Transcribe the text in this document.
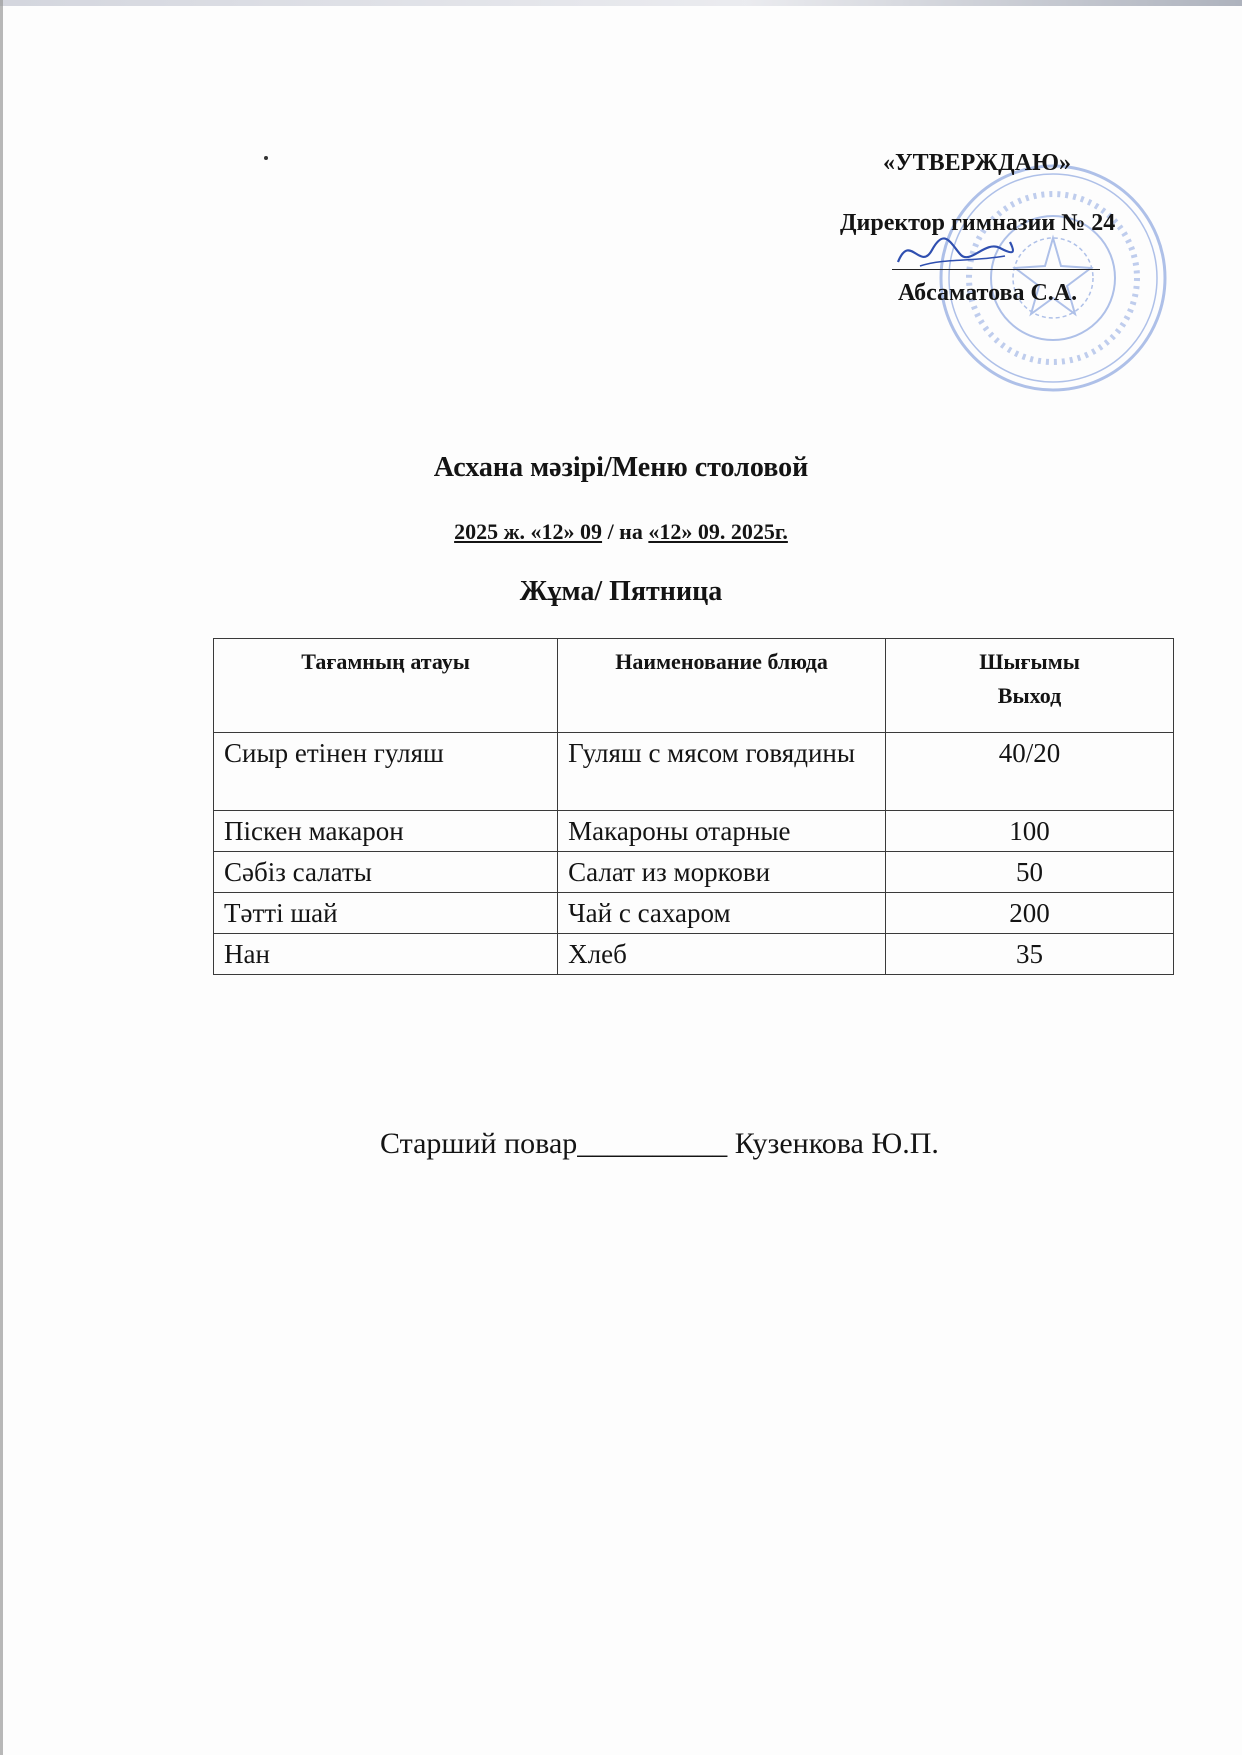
«УТВЕРЖДАЮ»
Директор гимназии № 24
Абсаматова С.А.
Асхана мәзірі/Меню столовой
2025 ж. «12» 09 / на «12» 09. 2025г.
Жұма/ Пятница
Тағамның атауы	Наименование блюда	Шығымы
Выход
Сиыр етінен гуляш	Гуляш с мясом говядины	40/20
Піскен макарон	Макароны отарные	100
Сәбіз салаты	Салат из моркови	50
Тәтті шай	Чай с сахаром	200
Нан	Хлеб	35
Старший повар__________ Кузенкова Ю.П.
